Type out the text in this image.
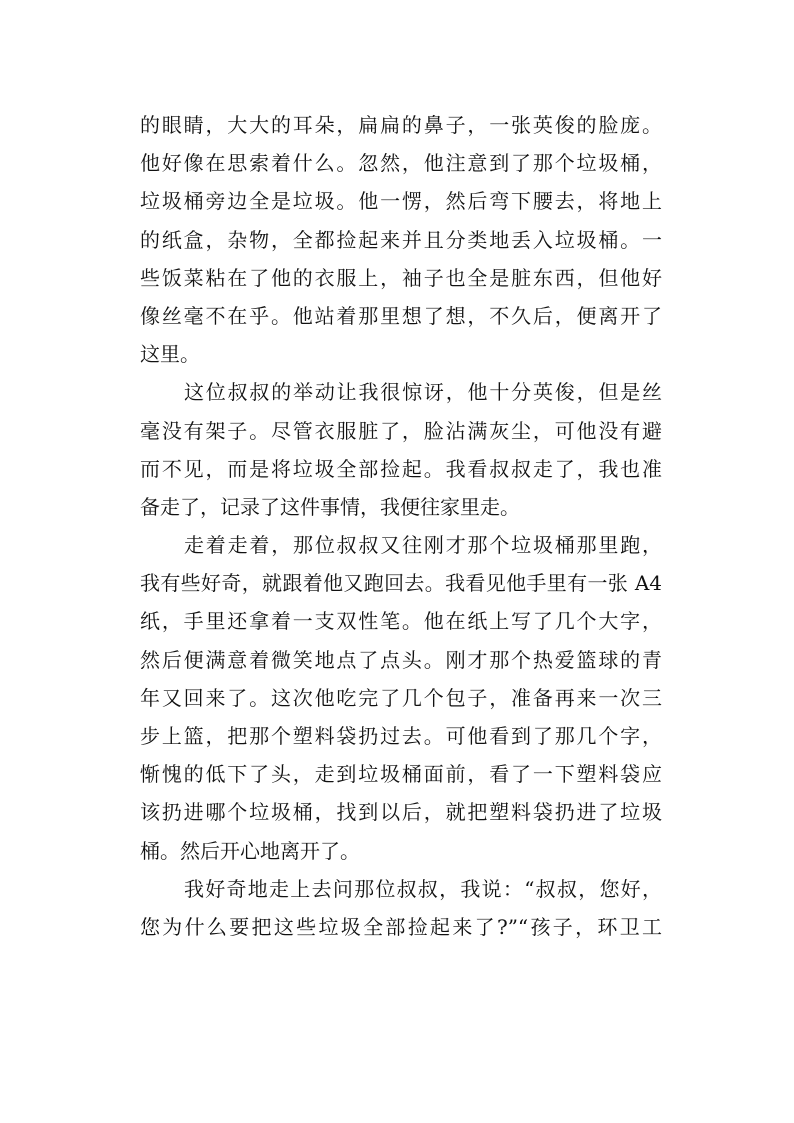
的眼睛，大大的耳朵，扁扁的鼻子，一张英俊的脸庞。
他好像在思索着什么。忽然，他注意到了那个垃圾桶，
垃圾桶旁边全是垃圾。他一愣，然后弯下腰去，将地上
的纸盒，杂物，全都捡起来并且分类地丢入垃圾桶。一
些饭菜粘在了他的衣服上，袖子也全是脏东西，但他好
像丝毫不在乎。他站着那里想了想，不久后，便离开了
这里。
这位叔叔的举动让我很惊讶，他十分英俊，但是丝
毫没有架子。尽管衣服脏了，脸沾满灰尘，可他没有避
而不见，而是将垃圾全部捡起。我看叔叔走了，我也准
备走了，记录了这件事情，我便往家里走。
走着走着，那位叔叔又往刚才那个垃圾桶那里跑，
我有些好奇，就跟着他又跑回去。我看见他手里有一张 A4
纸，手里还拿着一支双性笔。他在纸上写了几个大字，
然后便满意着微笑地点了点头。刚才那个热爱篮球的青
年又回来了。这次他吃完了几个包子，准备再来一次三
步上篮，把那个塑料袋扔过去。可他看到了那几个字，
惭愧的低下了头，走到垃圾桶面前，看了一下塑料袋应
该扔进哪个垃圾桶，找到以后，就把塑料袋扔进了垃圾
桶。然后开心地离开了。
我好奇地走上去问那位叔叔，我说：“叔叔，您好，
您为什么要把这些垃圾全部捡起来了?”“孩子，环卫工
